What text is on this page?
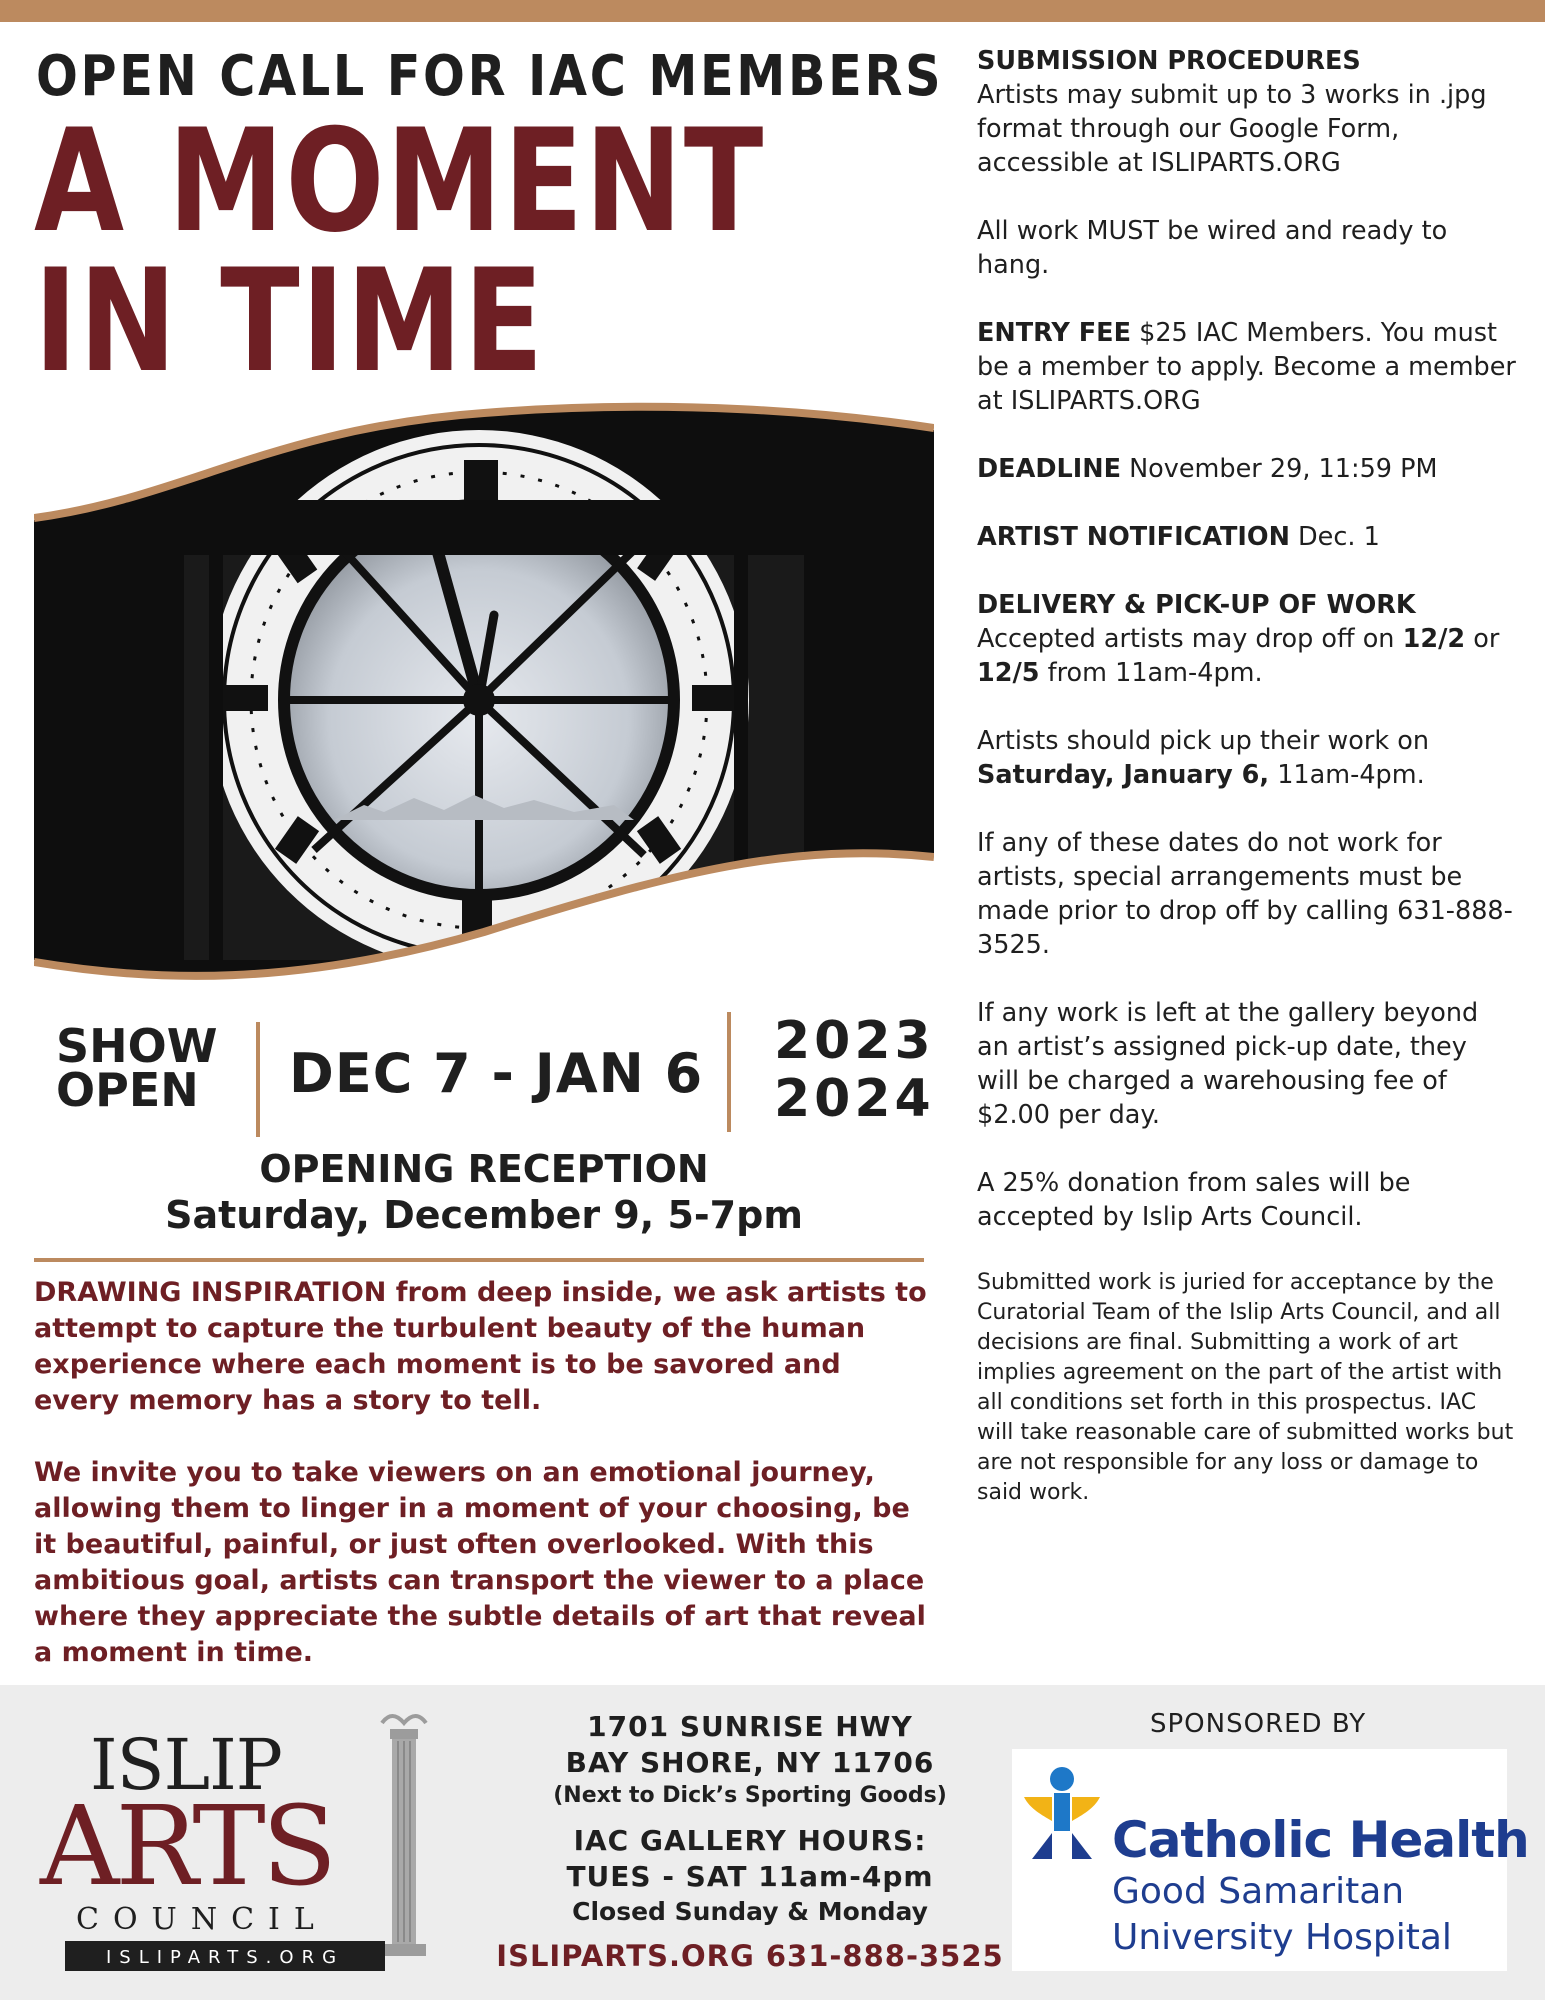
OPEN CALL FOR IAC MEMBERS
A MOMENT
IN TIME
SHOW
OPEN	DEC 7 - JAN 6
2023
2024
OPENING RECEPTION
Saturday, December 9, 5-7pm

DRAWING INSPIRATION from deep inside, we ask artists to attempt to capture the turbulent beauty of the human experience where each moment is to be savored and every memory has a story to tell.

We invite you to take viewers on an emotional journey, allowing them to linger in a moment of your choosing, be it beautiful, painful, or just often overlooked. With this ambitious goal, artists can transport the viewer to a place where they appreciate the subtle details of art that reveal a moment in time.

SUBMISSION PROCEDURES
Artists may submit up to 3 works in .jpg format through our Google Form, accessible at ISLIPARTS.ORG

All work MUST be wired and ready to hang.

ENTRY FEE $25 IAC Members. You must be a member to apply. Become a member at ISLIPARTS.ORG

DEADLINE November 29, 11:59 PM

ARTIST NOTIFICATION Dec. 1

DELIVERY & PICK-UP OF WORK
Accepted artists may drop off on 12/2 or 12/5 from 11am-4pm.

Artists should pick up their work on Saturday, January 6, 11am-4pm.

If any of these dates do not work for artists, special arrangements must be made prior to drop off by calling 631-888-3525.

If any work is left at the gallery beyond an artist’s assigned pick-up date, they will be charged a warehousing fee of $2.00 per day.

A 25% donation from sales will be accepted by Islip Arts Council.

Submitted work is juried for acceptance by the Curatorial Team of the Islip Arts Council, and all decisions are final. Submitting a work of art implies agreement on the part of the artist with all conditions set forth in this prospectus. IAC will take reasonable care of submitted works but are not responsible for any loss or damage to said work.

ISLIP
ARTS
COUNCIL
ISLIPARTS.ORG
1701 SUNRISE HWY
BAY SHORE, NY 11706
(Next to Dick’s Sporting Goods)
IAC GALLERY HOURS:
TUES - SAT 11am-4pm
Closed Sunday & Monday
ISLIPARTS.ORG 631-888-3525
SPONSORED BY
Catholic Health
Good Samaritan
University Hospital
